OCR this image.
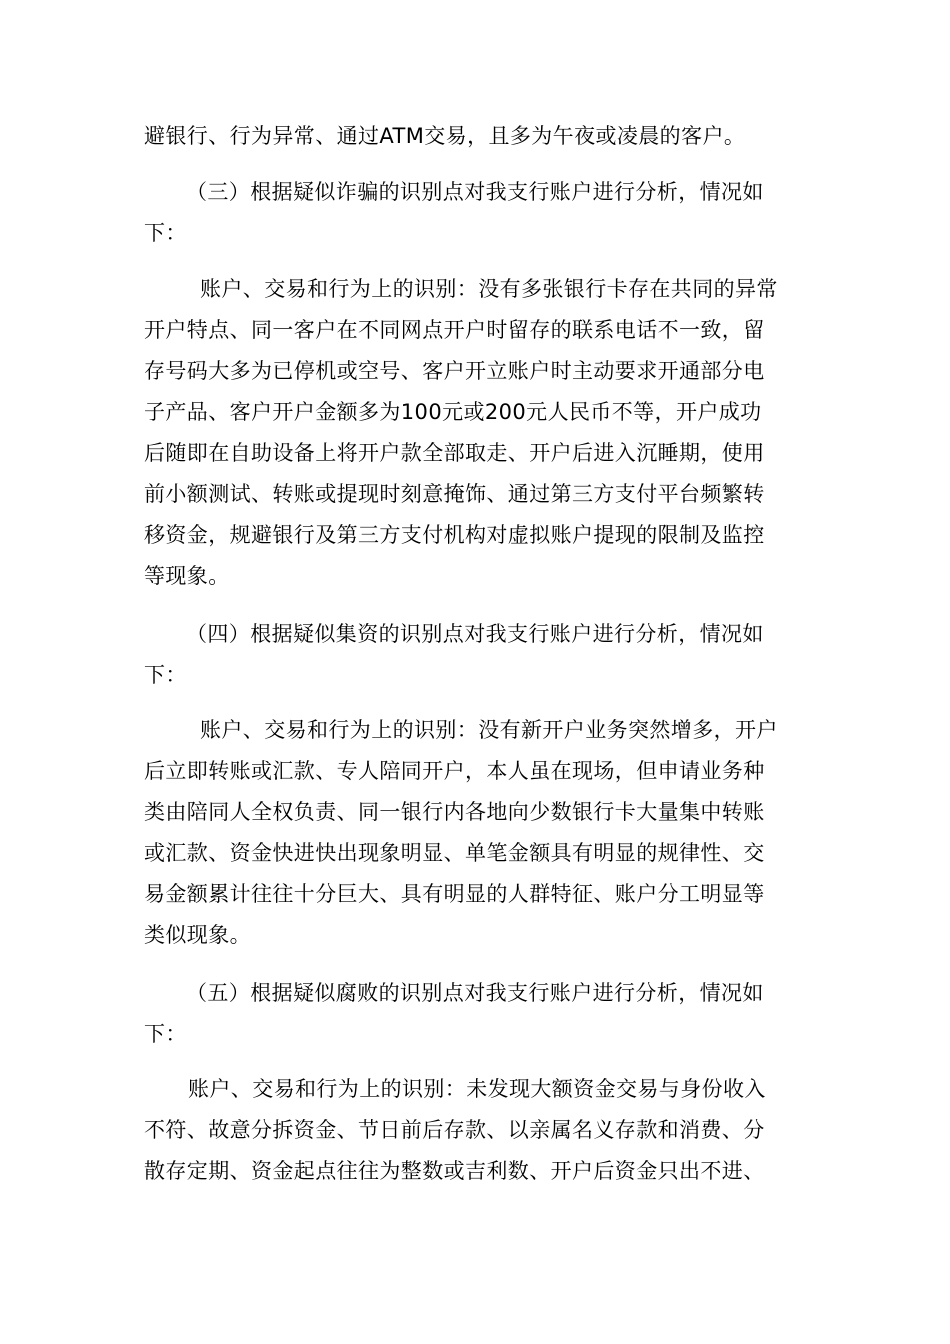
避银行、行为异常、通过ATM交易，且多为午夜或凌晨的客户。
（三）根据疑似诈骗的识别点对我支行账户进行分析，情况如
下：
账户、交易和行为上的识别：没有多张银行卡存在共同的异常
开户特点、同一客户在不同网点开户时留存的联系电话不一致，留
存号码大多为已停机或空号、客户开立账户时主动要求开通部分电
子产品、客户开户金额多为100元或200元人民币不等，开户成功
后随即在自助设备上将开户款全部取走、开户后进入沉睡期，使用
前小额测试、转账或提现时刻意掩饰、通过第三方支付平台频繁转
移资金，规避银行及第三方支付机构对虚拟账户提现的限制及监控
等现象。
（四）根据疑似集资的识别点对我支行账户进行分析，情况如
下：
账户、交易和行为上的识别：没有新开户业务突然增多，开户
后立即转账或汇款、专人陪同开户，本人虽在现场，但申请业务种
类由陪同人全权负责、同一银行内各地向少数银行卡大量集中转账
或汇款、资金快进快出现象明显、单笔金额具有明显的规律性、交
易金额累计往往十分巨大、具有明显的人群特征、账户分工明显等
类似现象。
（五）根据疑似腐败的识别点对我支行账户进行分析，情况如
下：
账户、交易和行为上的识别：未发现大额资金交易与身份收入
不符、故意分拆资金、节日前后存款、以亲属名义存款和消费、分
散存定期、资金起点往往为整数或吉利数、开户后资金只出不进、
